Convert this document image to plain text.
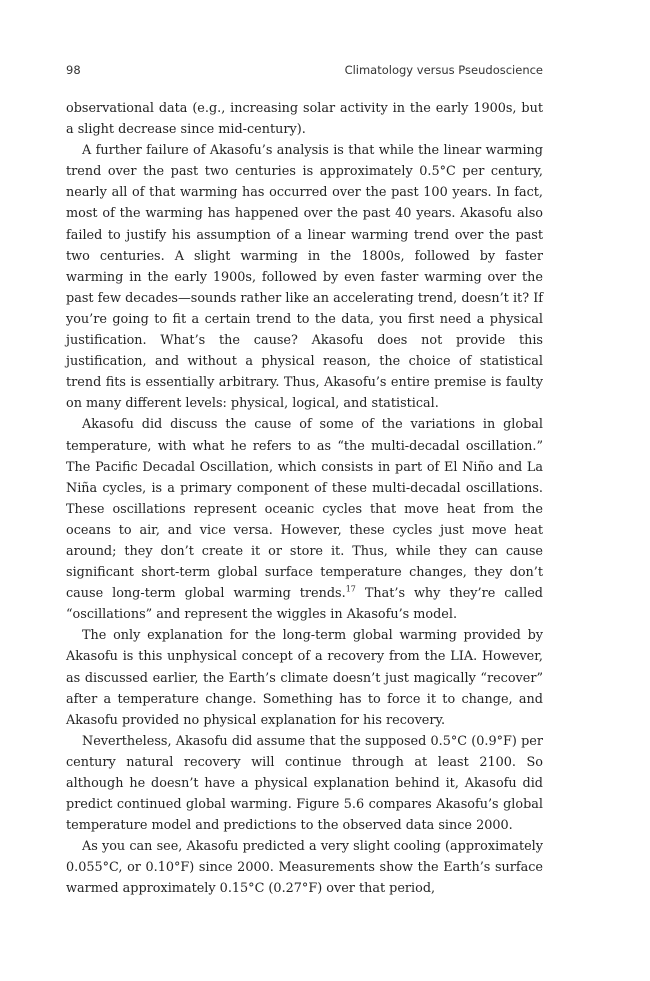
98	Climatology versus Pseudoscience

observational data (e.g., increasing solar activity in the early 1900s, but a slight decrease since mid-century).

A further failure of Akasofu’s analysis is that while the linear warming trend over the past two centuries is approximately 0.5°C per century, nearly all of that warming has occurred over the past 100 years. In fact, most of the warming has happened over the past 40 years. Akasofu also failed to justify his assumption of a linear warming trend over the past two centuries. A slight warming in the 1800s, followed by faster warming in the early 1900s, followed by even faster warming over the past few decades—sounds rather like an accelerating trend, doesn’t it? If you’re going to fit a certain trend to the data, you first need a physical justification. What’s the cause? Akasofu does not provide this justification, and without a physical reason, the choice of statistical trend fits is essentially arbitrary. Thus, Akasofu’s entire premise is faulty on many different levels: physical, logical, and statistical.

Akasofu did discuss the cause of some of the variations in global temperature, with what he refers to as “the multi-decadal oscillation.” The Pacific Decadal Oscillation, which consists in part of El Niño and La Niña cycles, is a primary component of these multi-decadal oscillations. These oscillations represent oceanic cycles that move heat from the oceans to air, and vice versa. However, these cycles just move heat around; they don’t create it or store it. Thus, while they can cause significant short-term global surface temperature changes, they don’t cause long-term global warming trends.$^{17}$ That’s why they’re called “oscillations” and represent the wiggles in Akasofu’s model.

The only explanation for the long-term global warming provided by Akasofu is this unphysical concept of a recovery from the LIA. However, as discussed earlier, the Earth’s climate doesn’t just magically “recover” after a temperature change. Something has to force it to change, and Akasofu provided no physical explanation for his recovery.

Nevertheless, Akasofu did assume that the supposed 0.5°C (0.9°F) per century natural recovery will continue through at least 2100. So although he doesn’t have a physical explanation behind it, Akasofu did predict continued global warming. Figure 5.6 compares Akasofu’s global temperature model and predictions to the observed data since 2000.

As you can see, Akasofu predicted a very slight cooling (approximately 0.055°C, or 0.10°F) since 2000. Measurements show the Earth’s surface warmed approximately 0.15°C (0.27°F) over that period,
